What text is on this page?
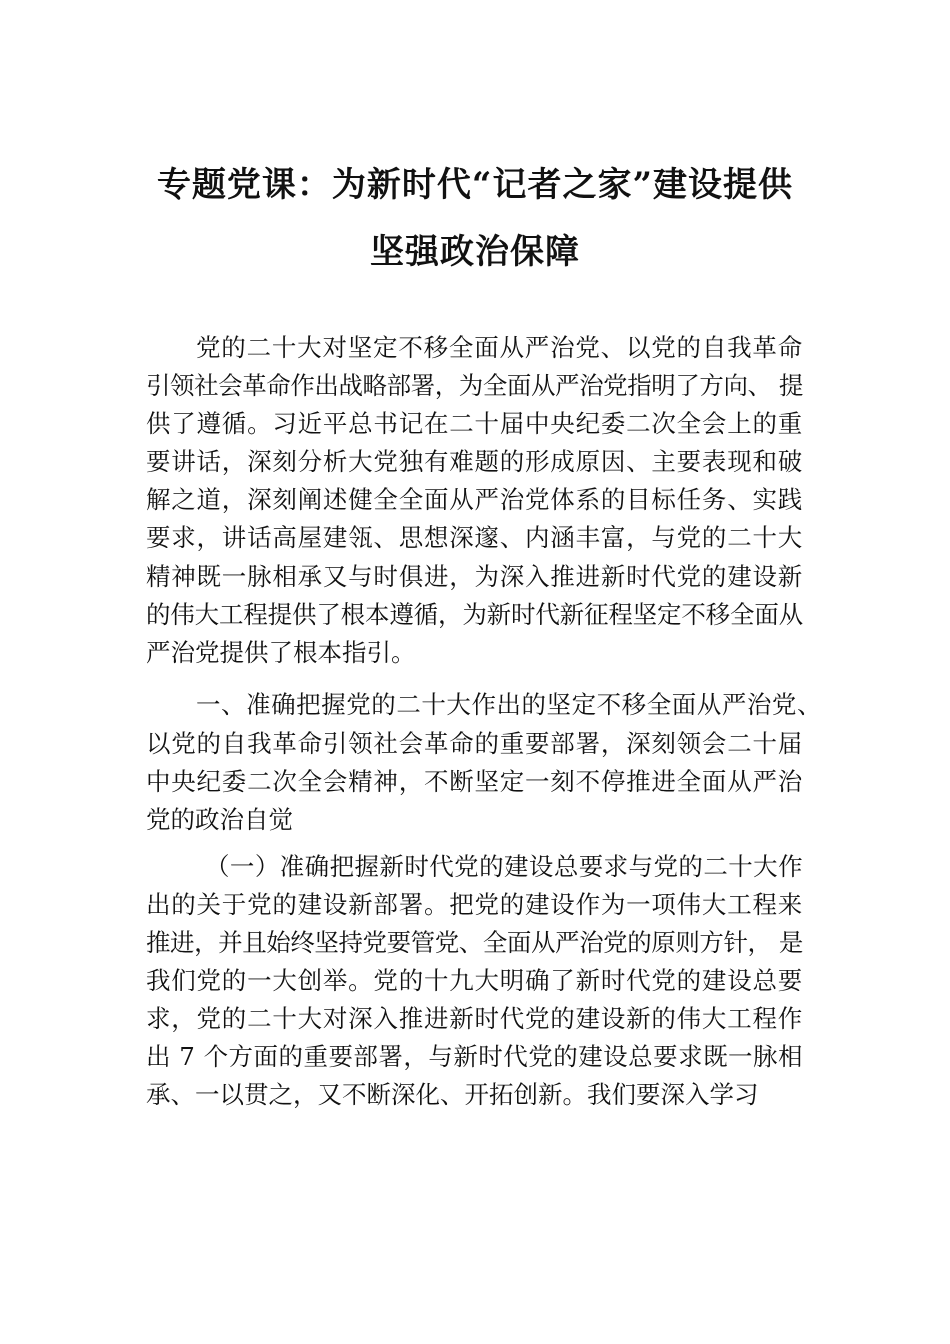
专题党课：为新时代“记者之家”建设提供
坚强政治保障
党的二十大对坚定不移全面从严治党、以党的自我革命
引领社会革命作出战略部署，为全面从严治党指明了方向、 提
供了遵循。习近平总书记在二十届中央纪委二次全会上的重
要讲话，深刻分析大党独有难题的形成原因、主要表现和破
解之道，深刻阐述健全全面从严治党体系的目标任务、实践
要求，讲话高屋建瓴、思想深邃、内涵丰富，与党的二十大
精神既一脉相承又与时俱进，为深入推进新时代党的建设新
的伟大工程提供了根本遵循，为新时代新征程坚定不移全面从
严治党提供了根本指引。
一、准确把握党的二十大作出的坚定不移全面从严治党、
以党的自我革命引领社会革命的重要部署，深刻领会二十届
中央纪委二次全会精神，不断坚定一刻不停推进全面从严治
党的政治自觉
（一）准确把握新时代党的建设总要求与党的二十大作
出的关于党的建设新部署。把党的建设作为一项伟大工程来
推进，并且始终坚持党要管党、全面从严治党的原则方针， 是
我们党的一大创举。党的十九大明确了新时代党的建设总要
求，党的二十大对深入推进新时代党的建设新的伟大工程作
出 7 个方面的重要部署，与新时代党的建设总要求既一脉相
承、一以贯之，又不断深化、开拓创新。我们要深入学习
